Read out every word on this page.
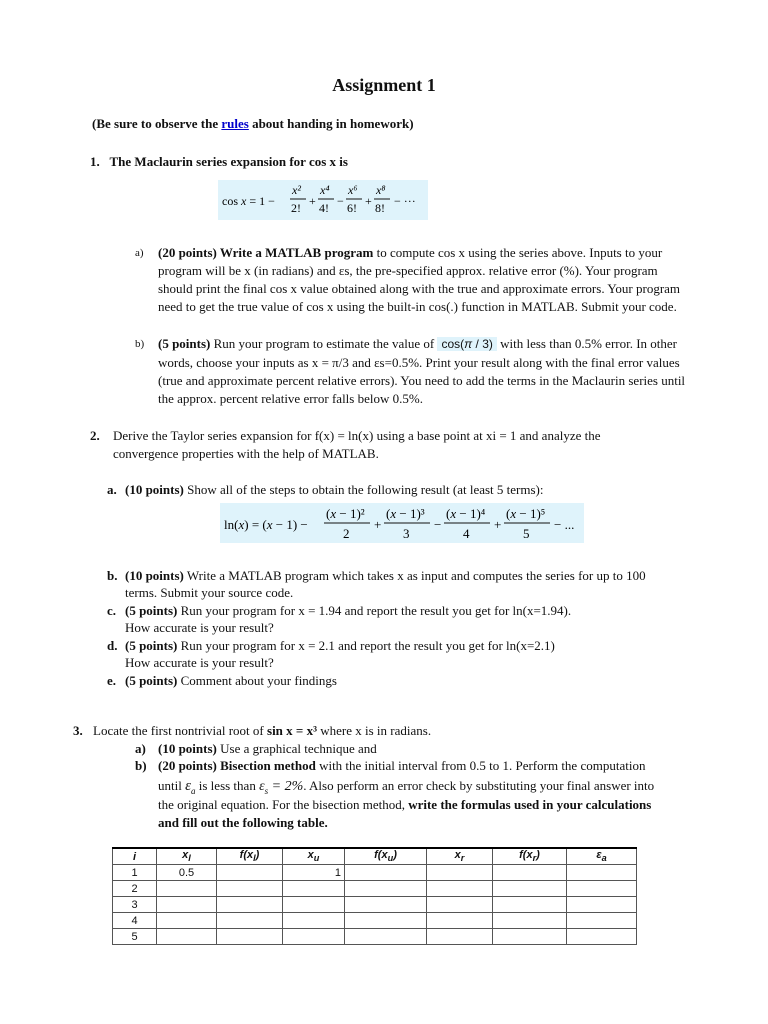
Assignment 1
(Be sure to observe the rules about handing in homework)
1. The Maclaurin series expansion for cos x is
cos x = 1 −
x²
2! +
x⁴
4! −
x⁶
6! +
x⁸
8! − ···
a) (20 points) Write a MATLAB program to compute cos x using the series above. Inputs to your
program will be x (in radians) and εs, the pre-specified approx. relative error (%). Your program
should print the final cos x value obtained along with the true and approximate errors. Your program
need to get the true value of cos x using the built-in cos(.) function in MATLAB. Submit your code.
b) (5 points) Run your program to estimate the value of cos(π / 3) with less than 0.5% error. In other
words, choose your inputs as x = π/3 and εs=0.5%. Print your result along with the final error values
(true and approximate percent relative errors). You need to add the terms in the Maclaurin series until
the approx. percent relative error falls below 0.5%.
2. Derive the Taylor series expansion for f(x) = ln(x) using a base point at xi = 1 and analyze the
convergence properties with the help of MATLAB.
a. (10 points) Show all of the steps to obtain the following result (at least 5 terms):
ln(x) = (x − 1) −
(x − 1)²
2
+
(x − 1)³
3
−
(x − 1)⁴
4
+
(x − 1)⁵
5
− ...
b. (10 points) Write a MATLAB program which takes x as input and computes the series for up to 100
terms. Submit your source code.
c. (5 points) Run your program for x = 1.94 and report the result you get for ln(x=1.94).
How accurate is your result?
d. (5 points) Run your program for x = 2.1 and report the result you get for ln(x=2.1)
How accurate is your result?
e. (5 points) Comment about your findings
3. Locate the first nontrivial root of sin x = x³ where x is in radians.
a) (10 points) Use a graphical technique and
b) (20 points) Bisection method with the initial interval from 0.5 to 1. Perform the computation
until $\varepsilon_a$ is less than $\varepsilon_s = 2\%$. Also perform an error check by substituting your final answer into
the original equation. For the bisection method, write the formulas used in your calculations
and fill out the following table.
i	$x_l$	$f(x_l)$	$x_u$	$f(x_u)$	$x_r$	$f(x_r)$	$\varepsilon_a$
1	0.5		1				
2							
3							
4							
5							
